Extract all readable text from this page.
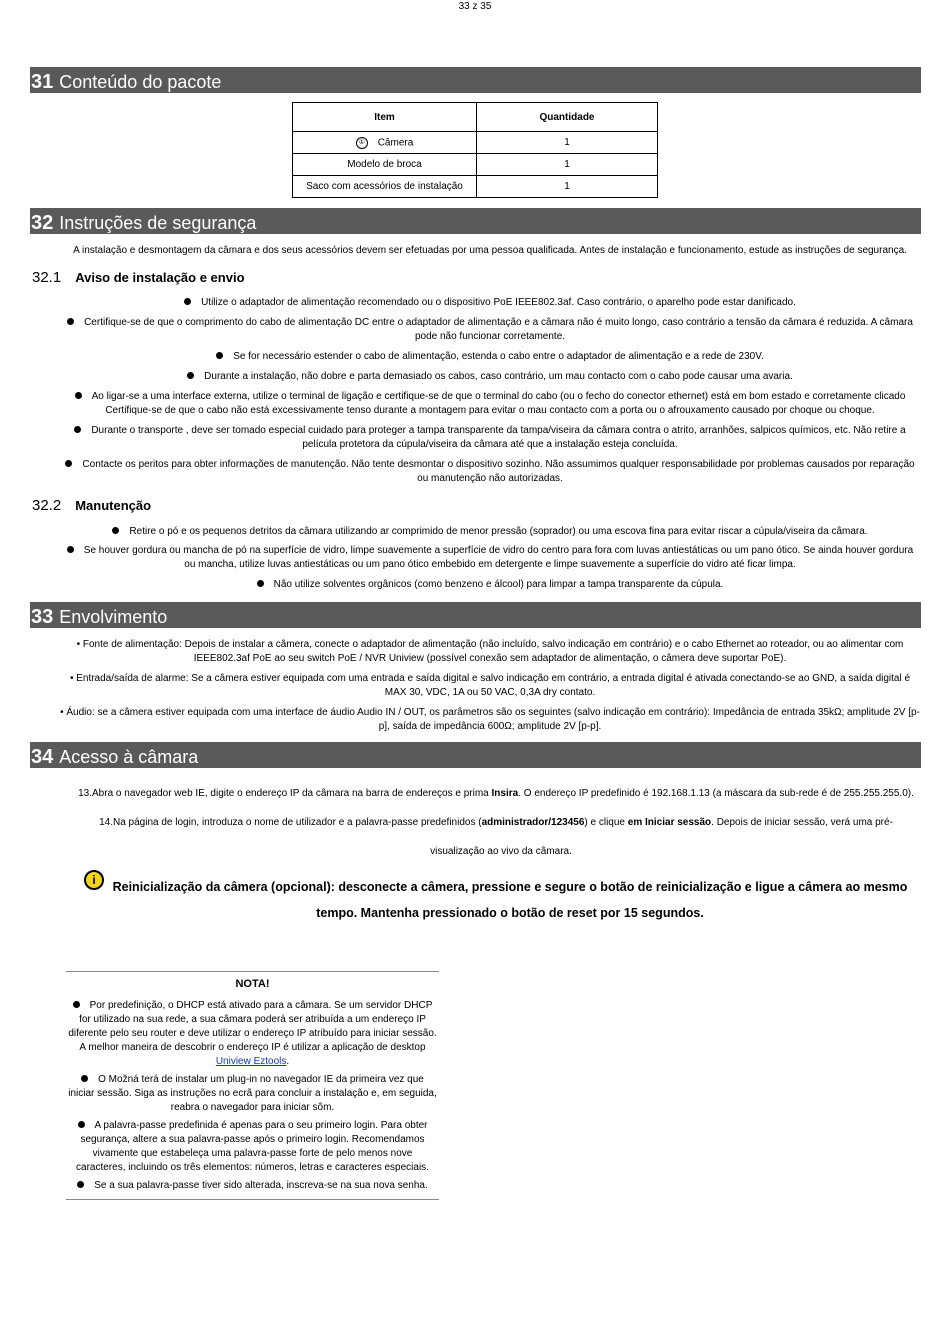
33 z 35
31 Conteúdo do pacote
Item	Quantidade
① Câmera	1
Modelo de broca	1
Saco com acessórios de instalação	1
32 Instruções de segurança
A instalação e desmontagem da câmara e dos seus acessórios devem ser efetuadas por uma pessoa qualificada. Antes de instalação e funcionamento, estude as instruções de segurança.
32.1 Aviso de instalação e envio
Utilize o adaptador de alimentação recomendado ou o dispositivo PoE IEEE802.3af. Caso contrário, o aparelho pode estar danificado.
Certifique-se de que o comprimento do cabo de alimentação DC entre o adaptador de alimentação e a câmara não é muito longo, caso contrário a tensão da câmara é reduzida. A câmara pode não funcionar corretamente.
Se for necessário estender o cabo de alimentação, estenda o cabo entre o adaptador de alimentação e a rede de 230V.
Durante a instalação, não dobre e parta demasiado os cabos, caso contrário, um mau contacto com o cabo pode causar uma avaria.
Ao ligar-se a uma interface externa, utilize o terminal de ligação e certifique-se de que o terminal do cabo (ou o fecho do conector ethernet) está em bom estado e corretamente clicado Certifique-se de que o cabo não está excessivamente tenso durante a montagem para evitar o mau contacto com a porta ou o afrouxamento causado por choque ou choque.
Durante o transporte , deve ser tomado especial cuidado para proteger a tampa transparente da tampa/viseira da câmara contra o atrito, arranhões, salpicos químicos, etc. Não retire a película protetora da cúpula/viseira da câmara até que a instalação esteja concluída.
Contacte os peritos para obter informações de manutenção. Não tente desmontar o dispositivo sozinho. Não assumimos qualquer responsabilidade por problemas causados por reparação ou manutenção não autorizadas.
32.2 Manutenção
Retire o pó e os pequenos detritos da câmara utilizando ar comprimido de menor pressão (soprador) ou uma escova fina para evitar riscar a cúpula/viseira da câmara.
Se houver gordura ou mancha de pó na superfície de vidro, limpe suavemente a superfície de vidro do centro para fora com luvas antiestáticas ou um pano ótico. Se ainda houver gordura ou mancha, utilize luvas antiestáticas ou um pano ótico embebido em detergente e limpe suavemente a superfície do vidro até ficar limpa.
Não utilize solventes orgânicos (como benzeno e álcool) para limpar a tampa transparente da cúpula.
33 Envolvimento
• Fonte de alimentação: Depois de instalar a câmera, conecte o adaptador de alimentação (não incluído, salvo indicação em contrário) e o cabo Ethernet ao roteador, ou ao alimentar com IEEE802.3af PoE ao seu switch PoE / NVR Uniview (possível conexão sem adaptador de alimentação, o câmera deve suportar PoE).
• Entrada/saída de alarme: Se a câmera estiver equipada com uma entrada e saída digital e salvo indicação em contrário, a entrada digital é ativada conectando-se ao GND, a saída digital é MAX 30, VDC, 1A ou 50 VAC, 0,3A dry contato.
• Áudio: se a câmera estiver equipada com uma interface de áudio Audio IN / OUT, os parâmetros são os seguintes (salvo indicação em contrário): Impedância de entrada 35kΩ; amplitude 2V [p-p], saída de impedância 600Ω; amplitude 2V [p-p].
34 Acesso à câmara
13.Abra o navegador web IE, digite o endereço IP da câmara na barra de endereços e prima Insira. O endereço IP predefinido é 192.168.1.13 (a máscara da sub-rede é de 255.255.255.0).
14.Na página de login, introduza o nome de utilizador e a palavra-passe predefinidos (administrador/123456) e clique em Iniciar sessão. Depois de iniciar sessão, verá uma pré-
visualização ao vivo da câmara.
i	Reinicialização da câmera (opcional): desconecte a câmera, pressione e segure o botão de reinicialização e ligue a câmera ao mesmo tempo. Mantenha pressionado o botão de reset por 15 segundos.
NOTA!
Por predefinição, o DHCP está ativado para a câmara. Se um servidor DHCP for utilizado na sua rede, a sua câmara poderá ser atribuída a um endereço IP diferente pelo seu router e deve utilizar o endereço IP atribuído para iniciar sessão. A melhor maneira de descobrir o endereço IP é utilizar a aplicação de desktop Uniview Eztools.
O Možná terá de instalar um plug-in no navegador IE da primeira vez que iniciar sessão. Siga as instruções no ecrã para concluir a instalação e, em seguida, reabra o navegador para iniciar sôm.
A palavra-passe predefinida é apenas para o seu primeiro login. Para obter segurança, altere a sua palavra-passe após o primeiro login. Recomendamos vivamente que estabeleça uma palavra-passe forte de pelo menos nove caracteres, incluindo os três elementos: números, letras e caracteres especiais.
Se a sua palavra-passe tiver sido alterada, inscreva-se na sua nova senha.
